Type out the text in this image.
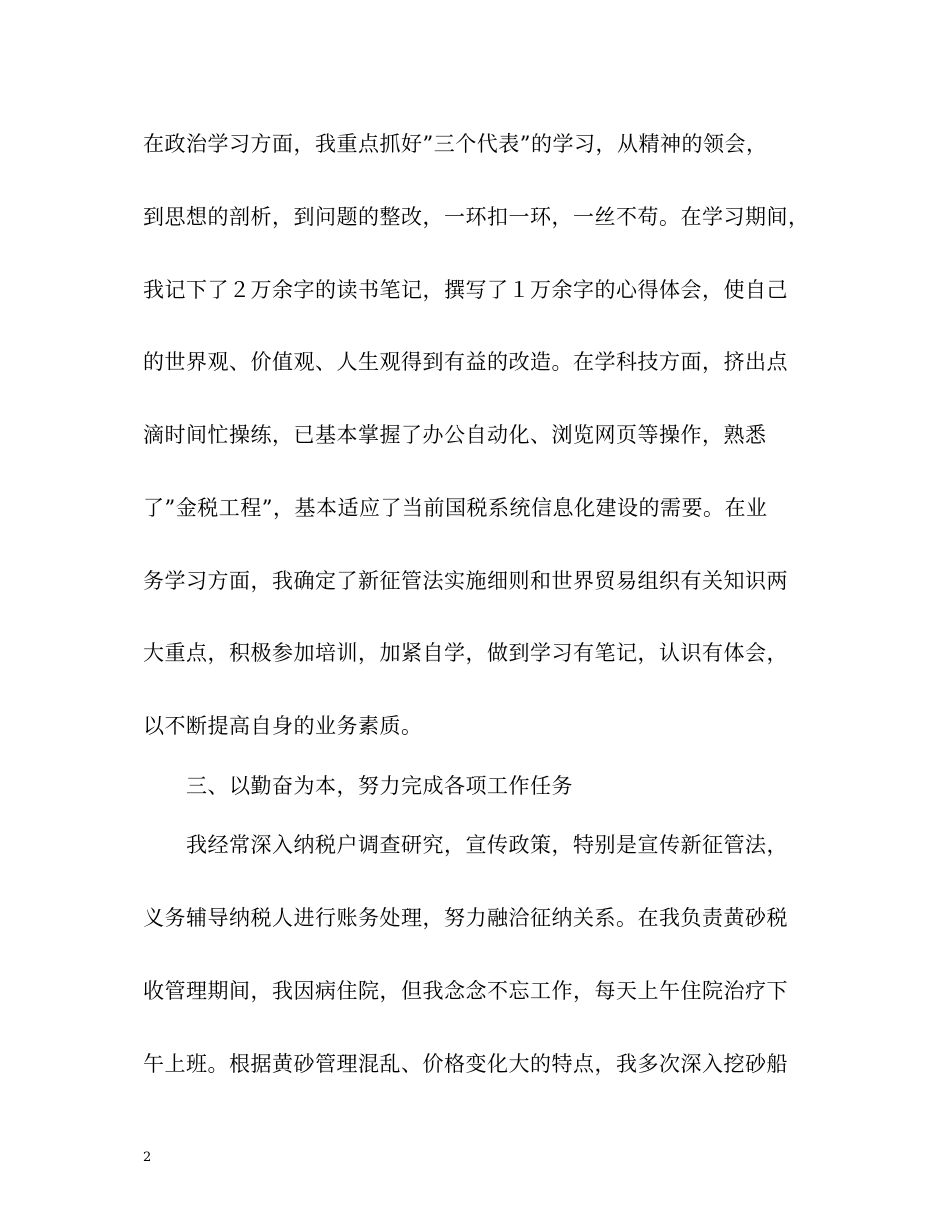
在政治学习方面，我重点抓好”三个代表”的学习，从精神的领会，
到思想的剖析，到问题的整改，一环扣一环，一丝不苟。在学习期间，
我记下了２万余字的读书笔记，撰写了１万余字的心得体会，使自己
的世界观、价值观、人生观得到有益的改造。在学科技方面，挤出点
滴时间忙操练，已基本掌握了办公自动化、浏览网页等操作，熟悉
了”金税工程”，基本适应了当前国税系统信息化建设的需要。在业
务学习方面，我确定了新征管法实施细则和世界贸易组织有关知识两
大重点，积极参加培训，加紧自学，做到学习有笔记，认识有体会，
以不断提高自身的业务素质。
三、以勤奋为本，努力完成各项工作任务
我经常深入纳税户调查研究，宣传政策，特别是宣传新征管法，
义务辅导纳税人进行账务处理，努力融洽征纳关系。在我负责黄砂税
收管理期间，我因病住院，但我念念不忘工作，每天上午住院治疗下
午上班。根据黄砂管理混乱、价格变化大的特点，我多次深入挖砂船
2
